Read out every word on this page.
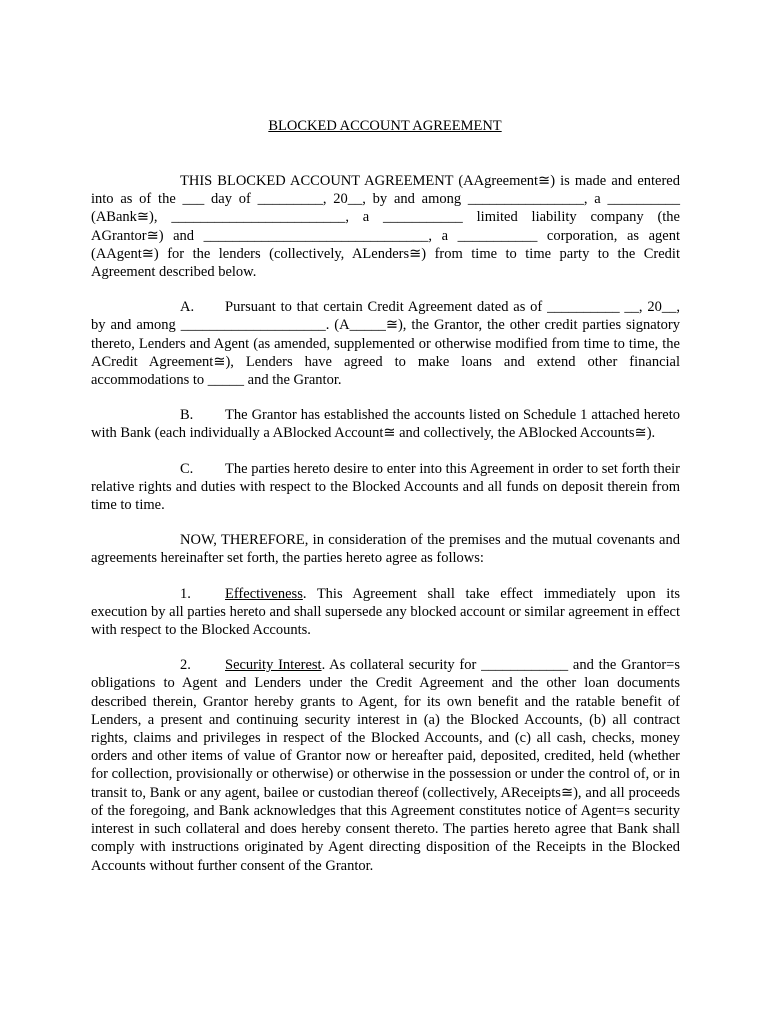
BLOCKED ACCOUNT AGREEMENT

THIS BLOCKED ACCOUNT AGREEMENT (AAgreement≅) is made and entered into as of the ___ day of _________, 20__, by and among ________________, a __________ (ABank≅), ________________________, a ___________ limited liability company (the AGrantor≅) and _______________________________, a ___________ corporation, as agent (AAgent≅) for the lenders (collectively, ALenders≅) from time to time party to the Credit Agreement described below.

A. Pursuant to that certain Credit Agreement dated as of __________ __, 20__, by and among ____________________. (A_____≅), the Grantor, the other credit parties signatory thereto, Lenders and Agent (as amended, supplemented or otherwise modified from time to time, the ACredit Agreement≅), Lenders have agreed to make loans and extend other financial accommodations to _____ and the Grantor.

B. The Grantor has established the accounts listed on Schedule 1 attached hereto with Bank (each individually a ABlocked Account≅ and collectively, the ABlocked Accounts≅).

C. The parties hereto desire to enter into this Agreement in order to set forth their relative rights and duties with respect to the Blocked Accounts and all funds on deposit therein from time to time.

NOW, THEREFORE, in consideration of the premises and the mutual covenants and agreements hereinafter set forth, the parties hereto agree as follows:

1. Effectiveness. This Agreement shall take effect immediately upon its execution by all parties hereto and shall supersede any blocked account or similar agreement in effect with respect to the Blocked Accounts.

2. Security Interest. As collateral security for ____________ and the Grantor=s obligations to Agent and Lenders under the Credit Agreement and the other loan documents described therein, Grantor hereby grants to Agent, for its own benefit and the ratable benefit of Lenders, a present and continuing security interest in (a) the Blocked Accounts, (b) all contract rights, claims and privileges in respect of the Blocked Accounts, and (c) all cash, checks, money orders and other items of value of Grantor now or hereafter paid, deposited, credited, held (whether for collection, provisionally or otherwise) or otherwise in the possession or under the control of, or in transit to, Bank or any agent, bailee or custodian thereof (collectively, AReceipts≅), and all proceeds of the foregoing, and Bank acknowledges that this Agreement constitutes notice of Agent=s security interest in such collateral and does hereby consent thereto. The parties hereto agree that Bank shall comply with instructions originated by Agent directing disposition of the Receipts in the Blocked Accounts without further consent of the Grantor.
